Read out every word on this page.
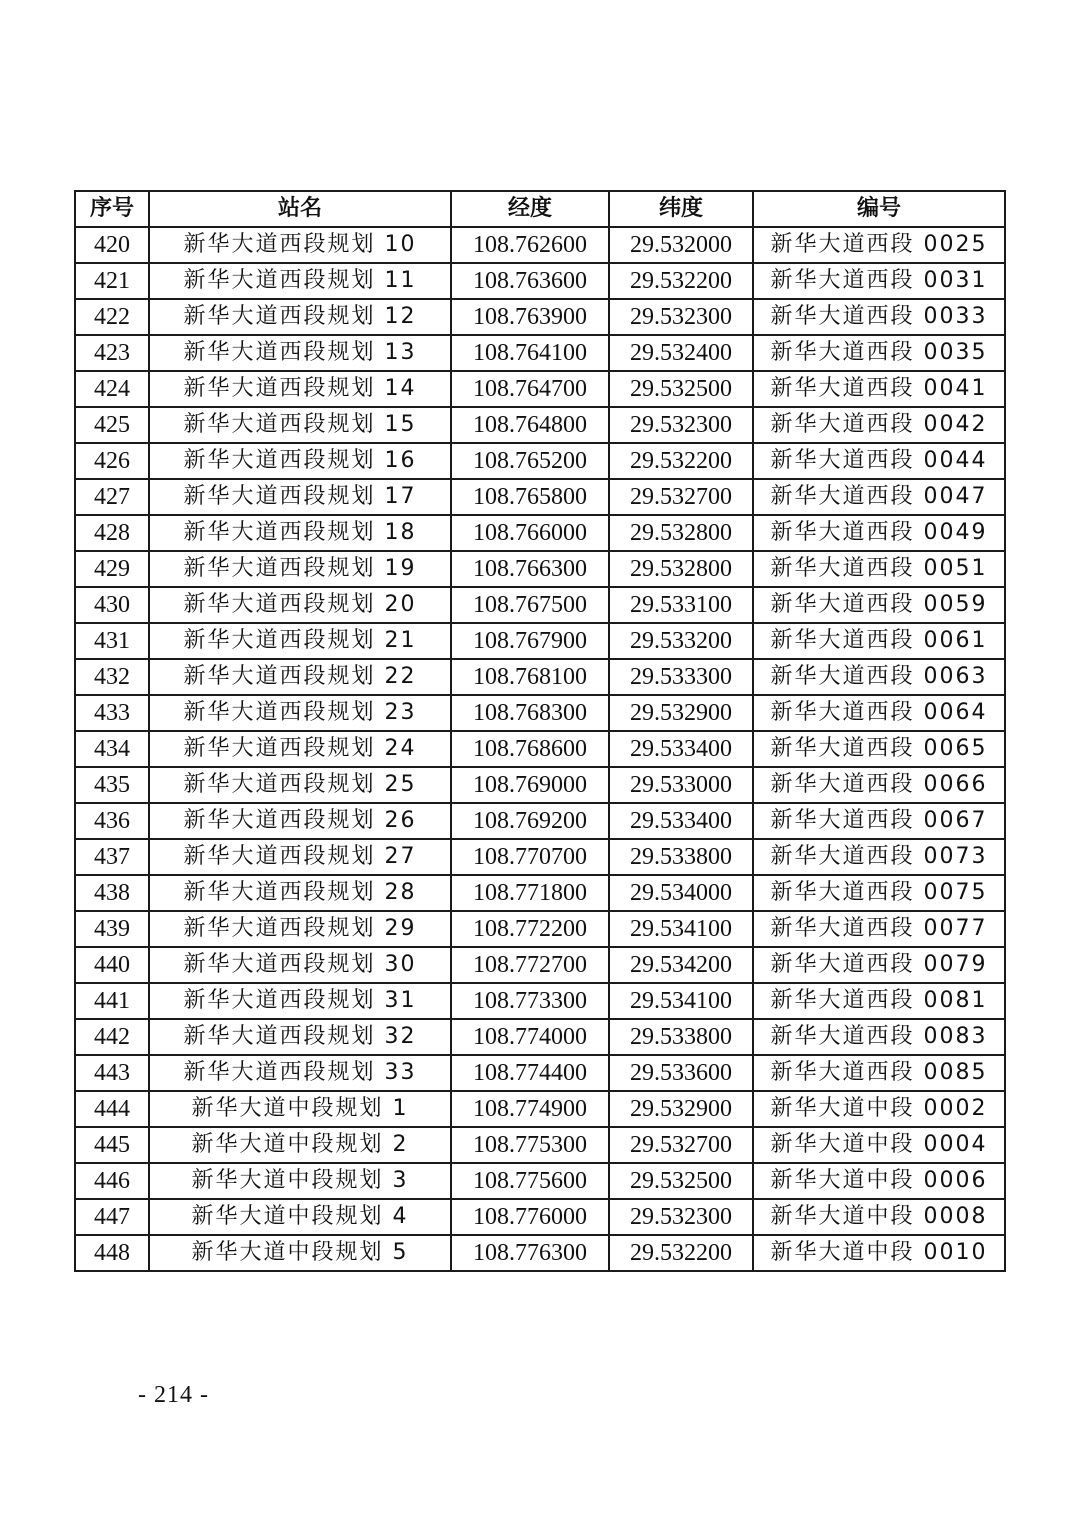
序号	站名	经度	纬度	编号
420	新华大道西段规划 10	108.762600	29.532000	新华大道西段 0025
421	新华大道西段规划 11	108.763600	29.532200	新华大道西段 0031
422	新华大道西段规划 12	108.763900	29.532300	新华大道西段 0033
423	新华大道西段规划 13	108.764100	29.532400	新华大道西段 0035
424	新华大道西段规划 14	108.764700	29.532500	新华大道西段 0041
425	新华大道西段规划 15	108.764800	29.532300	新华大道西段 0042
426	新华大道西段规划 16	108.765200	29.532200	新华大道西段 0044
427	新华大道西段规划 17	108.765800	29.532700	新华大道西段 0047
428	新华大道西段规划 18	108.766000	29.532800	新华大道西段 0049
429	新华大道西段规划 19	108.766300	29.532800	新华大道西段 0051
430	新华大道西段规划 20	108.767500	29.533100	新华大道西段 0059
431	新华大道西段规划 21	108.767900	29.533200	新华大道西段 0061
432	新华大道西段规划 22	108.768100	29.533300	新华大道西段 0063
433	新华大道西段规划 23	108.768300	29.532900	新华大道西段 0064
434	新华大道西段规划 24	108.768600	29.533400	新华大道西段 0065
435	新华大道西段规划 25	108.769000	29.533000	新华大道西段 0066
436	新华大道西段规划 26	108.769200	29.533400	新华大道西段 0067
437	新华大道西段规划 27	108.770700	29.533800	新华大道西段 0073
438	新华大道西段规划 28	108.771800	29.534000	新华大道西段 0075
439	新华大道西段规划 29	108.772200	29.534100	新华大道西段 0077
440	新华大道西段规划 30	108.772700	29.534200	新华大道西段 0079
441	新华大道西段规划 31	108.773300	29.534100	新华大道西段 0081
442	新华大道西段规划 32	108.774000	29.533800	新华大道西段 0083
443	新华大道西段规划 33	108.774400	29.533600	新华大道西段 0085
444	新华大道中段规划 1	108.774900	29.532900	新华大道中段 0002
445	新华大道中段规划 2	108.775300	29.532700	新华大道中段 0004
446	新华大道中段规划 3	108.775600	29.532500	新华大道中段 0006
447	新华大道中段规划 4	108.776000	29.532300	新华大道中段 0008
448	新华大道中段规划 5	108.776300	29.532200	新华大道中段 0010
- 214 -
